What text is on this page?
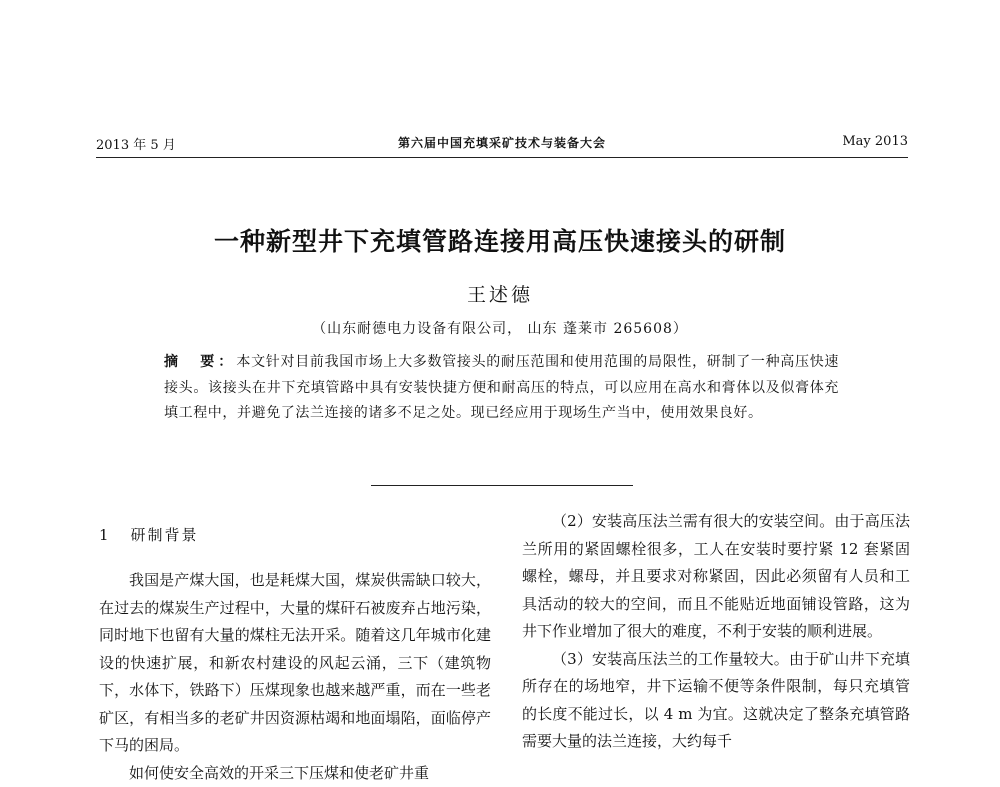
2013 年 5 月	第六届中国充填采矿技术与装备大会	May 2013
一种新型井下充填管路连接用高压快速接头的研制
王述德
（山东耐德电力设备有限公司， 山东 蓬莱市 265608）
摘　要：本文针对目前我国市场上大多数管接头的耐压范围和使用范围的局限性，研制了一种高压快速接头。该接头在井下充填管路中具有安装快捷方便和耐高压的特点，可以应用在高水和膏体以及似膏体充填工程中，并避免了法兰连接的诸多不足之处。现已经应用于现场生产当中，使用效果良好。
1 研制背景

我国是产煤大国，也是耗煤大国，煤炭供需缺口较大，在过去的煤炭生产过程中，大量的煤矸石被废弃占地污染，同时地下也留有大量的煤柱无法开采。随着这几年城市化建设的快速扩展，和新农村建设的风起云涌，三下（建筑物下，水体下，铁路下）压煤现象也越来越严重，而在一些老矿区，有相当多的老矿井因资源枯竭和地面塌陷，面临停产下马的困局。

如何使安全高效的开采三下压煤和使老矿井重

（2）安装高压法兰需有很大的安装空间。由于高压法兰所用的紧固螺栓很多，工人在安装时要拧紧 12 套紧固螺栓，螺母，并且要求对称紧固，因此必须留有人员和工具活动的较大的空间，而且不能贴近地面铺设管路，这为井下作业增加了很大的难度，不利于安装的顺利进展。

（3）安装高压法兰的工作量较大。由于矿山井下充填所存在的场地窄，井下运输不便等条件限制，每只充填管的长度不能过长，以 4 m 为宜。这就决定了整条充填管路需要大量的法兰连接，大约每千
